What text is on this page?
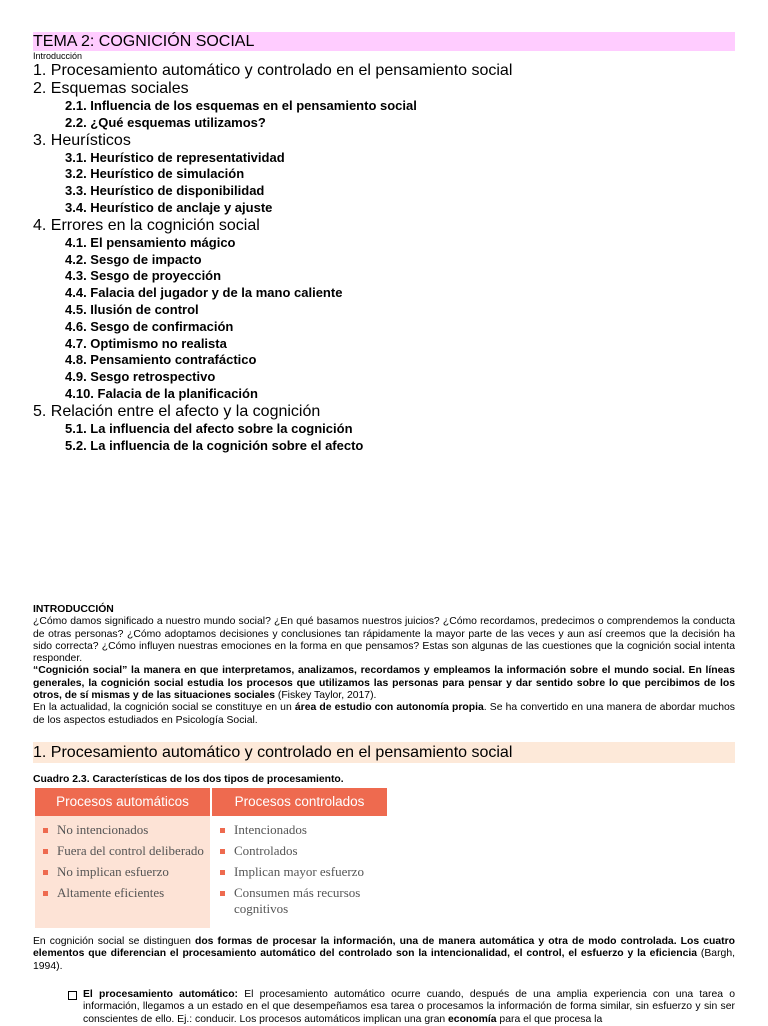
TEMA 2: COGNICIÓN SOCIAL

Introducción

1. Procesamiento automático y controlado en el pensamiento social

2. Esquemas sociales

2.1. Influencia de los esquemas en el pensamiento social

2.2. ¿Qué esquemas utilizamos?

3. Heurísticos

3.1. Heurístico de representatividad

3.2. Heurístico de simulación

3.3. Heurístico de disponibilidad

3.4. Heurístico de anclaje y ajuste

4. Errores en la cognición social

4.1. El pensamiento mágico

4.2. Sesgo de impacto

4.3. Sesgo de proyección

4.4. Falacia del jugador y de la mano caliente

4.5. Ilusión de control

4.6. Sesgo de confirmación

4.7. Optimismo no realista

4.8. Pensamiento contrafáctico

4.9. Sesgo retrospectivo

4.10. Falacia de la planificación

5. Relación entre el afecto y la cognición

5.1. La influencia del afecto sobre la cognición

5.2. La influencia de la cognición sobre el afecto

INTRODUCCIÓN

¿Cómo damos significado a nuestro mundo social? ¿En qué basamos nuestros juicios? ¿Cómo recordamos, predecimos o comprendemos la conducta de otras personas? ¿Cómo adoptamos decisiones y conclusiones tan rápidamente la mayor parte de las veces y aun así creemos que la decisión ha sido correcta? ¿Cómo influyen nuestras emociones en la forma en que pensamos? Estas son algunas de las cuestiones que la cognición social intenta responder.

“Cognición social” la manera en que interpretamos, analizamos, recordamos y empleamos la información sobre el mundo social. En líneas generales, la cognición social estudia los procesos que utilizamos las personas para pensar y dar sentido sobre lo que percibimos de los otros, de sí mismas y de las situaciones sociales (Fiskey Taylor, 2017).

En la actualidad, la cognición social se constituye en un área de estudio con autonomía propia. Se ha convertido en una manera de abordar muchos de los aspectos estudiados en Psicología Social.

1. Procesamiento automático y controlado en el pensamiento social
Cuadro 2.3. Características de los dos tipos de procesamiento.
Procesos automáticos
No intencionados
Fuera del control deliberado
No implican esfuerzo
Altamente eficientes
Procesos controlados
Intencionados
Controlados
Implican mayor esfuerzo
Consumen más recursos cognitivos
En cognición social se distinguen dos formas de procesar la información, una de manera automática y otra de modo controlada. Los cuatro elementos que diferencian el procesamiento automático del controlado son la intencionalidad, el control, el esfuerzo y la eficiencia (Bargh, 1994).
El procesamiento automático: El procesamiento automático ocurre cuando, después de una amplia experiencia con una tarea o información, llegamos a un estado en el que desempeñamos esa tarea o procesamos la información de forma similar, sin esfuerzo y sin ser conscientes de ello. Ej.: conducir. Los procesos automáticos implican una gran economía para el que procesa la
